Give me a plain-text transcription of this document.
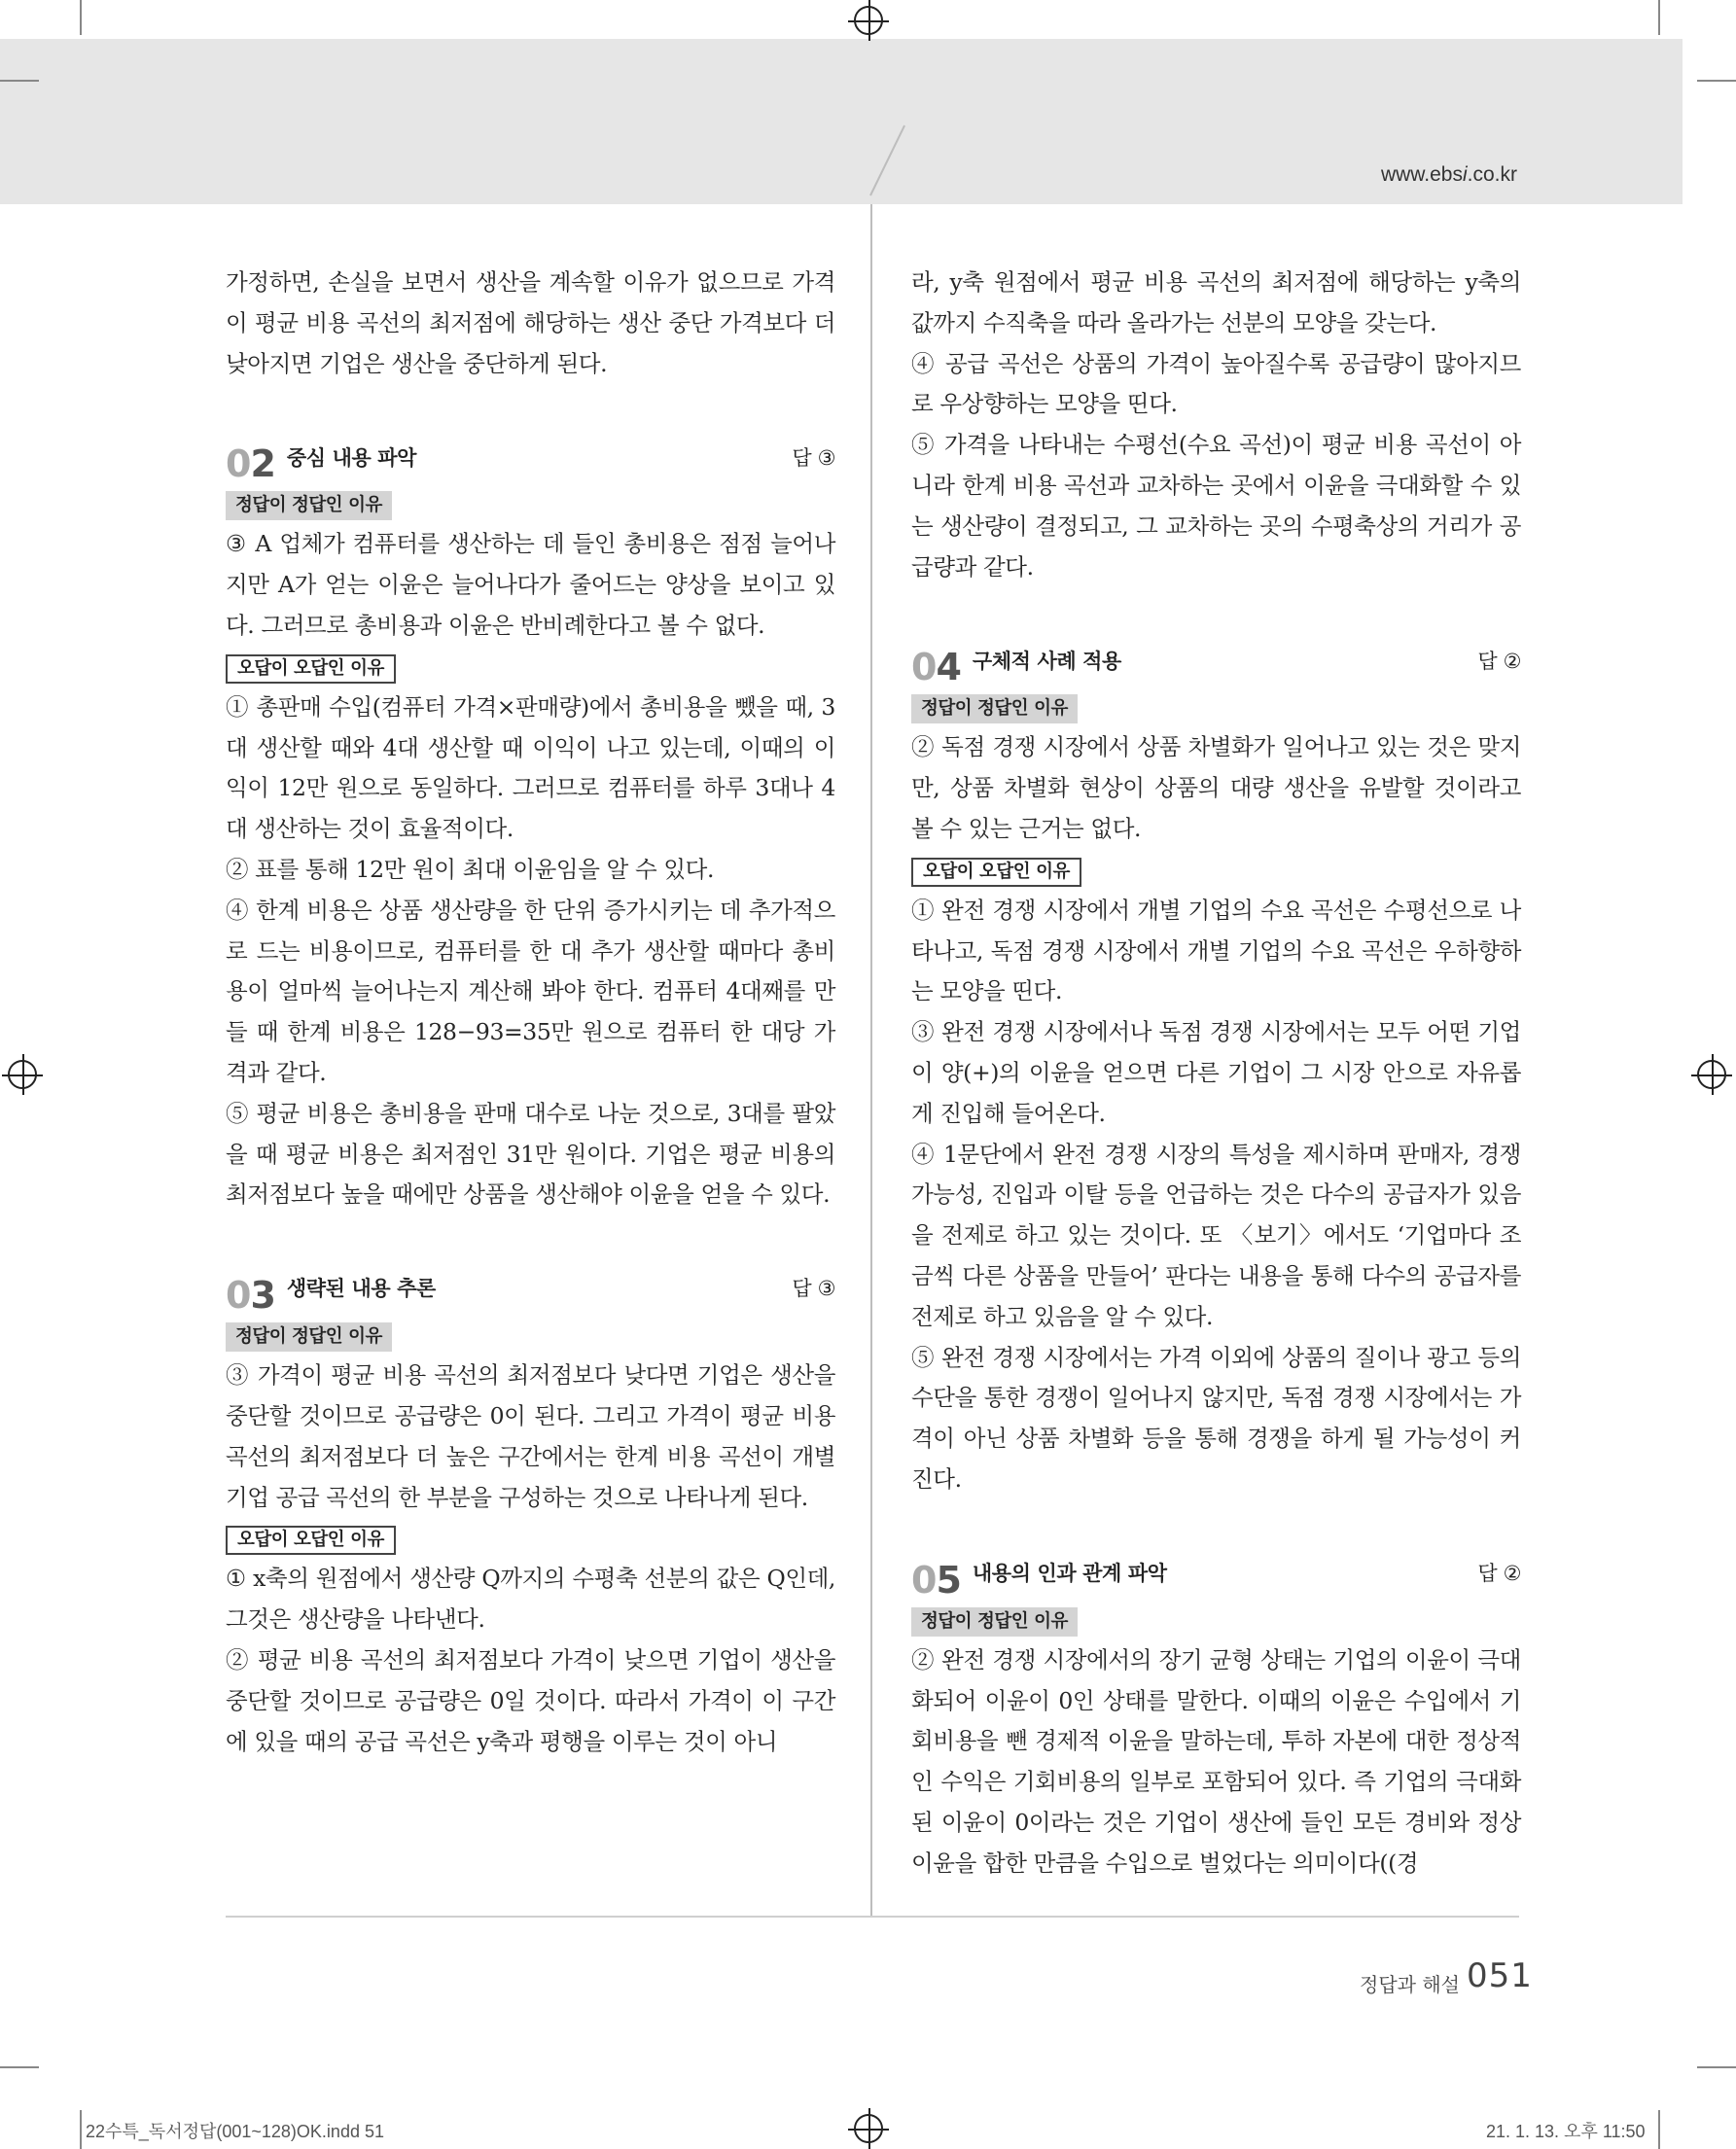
www.ebsi.co.kr

가정하면, 손실을 보면서 생산을 계속할 이유가 없으므로 가격이 평균 비용 곡선의 최저점에 해당하는 생산 중단 가격보다 더 낮아지면 기업은 생산을 중단하게 된다.

02 중심 내용 파악	답 ③
정답이 정답인 이유

③ A 업체가 컴퓨터를 생산하는 데 들인 총비용은 점점 늘어나지만 A가 얻는 이윤은 늘어나다가 줄어드는 양상을 보이고 있다. 그러므로 총비용과 이윤은 반비례한다고 볼 수 없다.

오답이 오답인 이유

① 총판매 수입(컴퓨터 가격×판매량)에서 총비용을 뺐을 때, 3대 생산할 때와 4대 생산할 때 이익이 나고 있는데, 이때의 이익이 12만 원으로 동일하다. 그러므로 컴퓨터를 하루 3대나 4대 생산하는 것이 효율적이다.

② 표를 통해 12만 원이 최대 이윤임을 알 수 있다.

④ 한계 비용은 상품 생산량을 한 단위 증가시키는 데 추가적으로 드는 비용이므로, 컴퓨터를 한 대 추가 생산할 때마다 총비용이 얼마씩 늘어나는지 계산해 봐야 한다. 컴퓨터 4대째를 만들 때 한계 비용은 128−93=35만 원으로 컴퓨터 한 대당 가격과 같다.

⑤ 평균 비용은 총비용을 판매 대수로 나눈 것으로, 3대를 팔았을 때 평균 비용은 최저점인 31만 원이다. 기업은 평균 비용의 최저점보다 높을 때에만 상품을 생산해야 이윤을 얻을 수 있다.

03 생략된 내용 추론	답 ③
정답이 정답인 이유

③ 가격이 평균 비용 곡선의 최저점보다 낮다면 기업은 생산을 중단할 것이므로 공급량은 0이 된다. 그리고 가격이 평균 비용 곡선의 최저점보다 더 높은 구간에서는 한계 비용 곡선이 개별 기업 공급 곡선의 한 부분을 구성하는 것으로 나타나게 된다.

오답이 오답인 이유

① x축의 원점에서 생산량 Q까지의 수평축 선분의 값은 Q인데, 그것은 생산량을 나타낸다.

② 평균 비용 곡선의 최저점보다 가격이 낮으면 기업이 생산을 중단할 것이므로 공급량은 0일 것이다. 따라서 가격이 이 구간에 있을 때의 공급 곡선은 y축과 평행을 이루는 것이 아니

라, y축 원점에서 평균 비용 곡선의 최저점에 해당하는 y축의 값까지 수직축을 따라 올라가는 선분의 모양을 갖는다.

④ 공급 곡선은 상품의 가격이 높아질수록 공급량이 많아지므로 우상향하는 모양을 띤다.

⑤ 가격을 나타내는 수평선(수요 곡선)이 평균 비용 곡선이 아니라 한계 비용 곡선과 교차하는 곳에서 이윤을 극대화할 수 있는 생산량이 결정되고, 그 교차하는 곳의 수평축상의 거리가 공급량과 같다.

04 구체적 사례 적용	답 ②
정답이 정답인 이유

② 독점 경쟁 시장에서 상품 차별화가 일어나고 있는 것은 맞지만, 상품 차별화 현상이 상품의 대량 생산을 유발할 것이라고 볼 수 있는 근거는 없다.

오답이 오답인 이유

① 완전 경쟁 시장에서 개별 기업의 수요 곡선은 수평선으로 나타나고, 독점 경쟁 시장에서 개별 기업의 수요 곡선은 우하향하는 모양을 띤다.

③ 완전 경쟁 시장에서나 독점 경쟁 시장에서는 모두 어떤 기업이 양(+)의 이윤을 얻으면 다른 기업이 그 시장 안으로 자유롭게 진입해 들어온다.

④ 1문단에서 완전 경쟁 시장의 특성을 제시하며 판매자, 경쟁 가능성, 진입과 이탈 등을 언급하는 것은 다수의 공급자가 있음을 전제로 하고 있는 것이다. 또 〈보기〉에서도 ‘기업마다 조금씩 다른 상품을 만들어’ 판다는 내용을 통해 다수의 공급자를 전제로 하고 있음을 알 수 있다.

⑤ 완전 경쟁 시장에서는 가격 이외에 상품의 질이나 광고 등의 수단을 통한 경쟁이 일어나지 않지만, 독점 경쟁 시장에서는 가격이 아닌 상품 차별화 등을 통해 경쟁을 하게 될 가능성이 커진다.

05 내용의 인과 관계 파악	답 ②
정답이 정답인 이유

② 완전 경쟁 시장에서의 장기 균형 상태는 기업의 이윤이 극대화되어 이윤이 0인 상태를 말한다. 이때의 이윤은 수입에서 기회비용을 뺀 경제적 이윤을 말하는데, 투하 자본에 대한 정상적인 수익은 기회비용의 일부로 포함되어 있다. 즉 기업의 극대화된 이윤이 0이라는 것은 기업이 생산에 들인 모든 경비와 정상 이윤을 합한 만큼을 수입으로 벌었다는 의미이다((경

정답과 해설 051
22수특_독서정답(001~128)OK.indd 51	21. 1. 13. 오후 11:50
